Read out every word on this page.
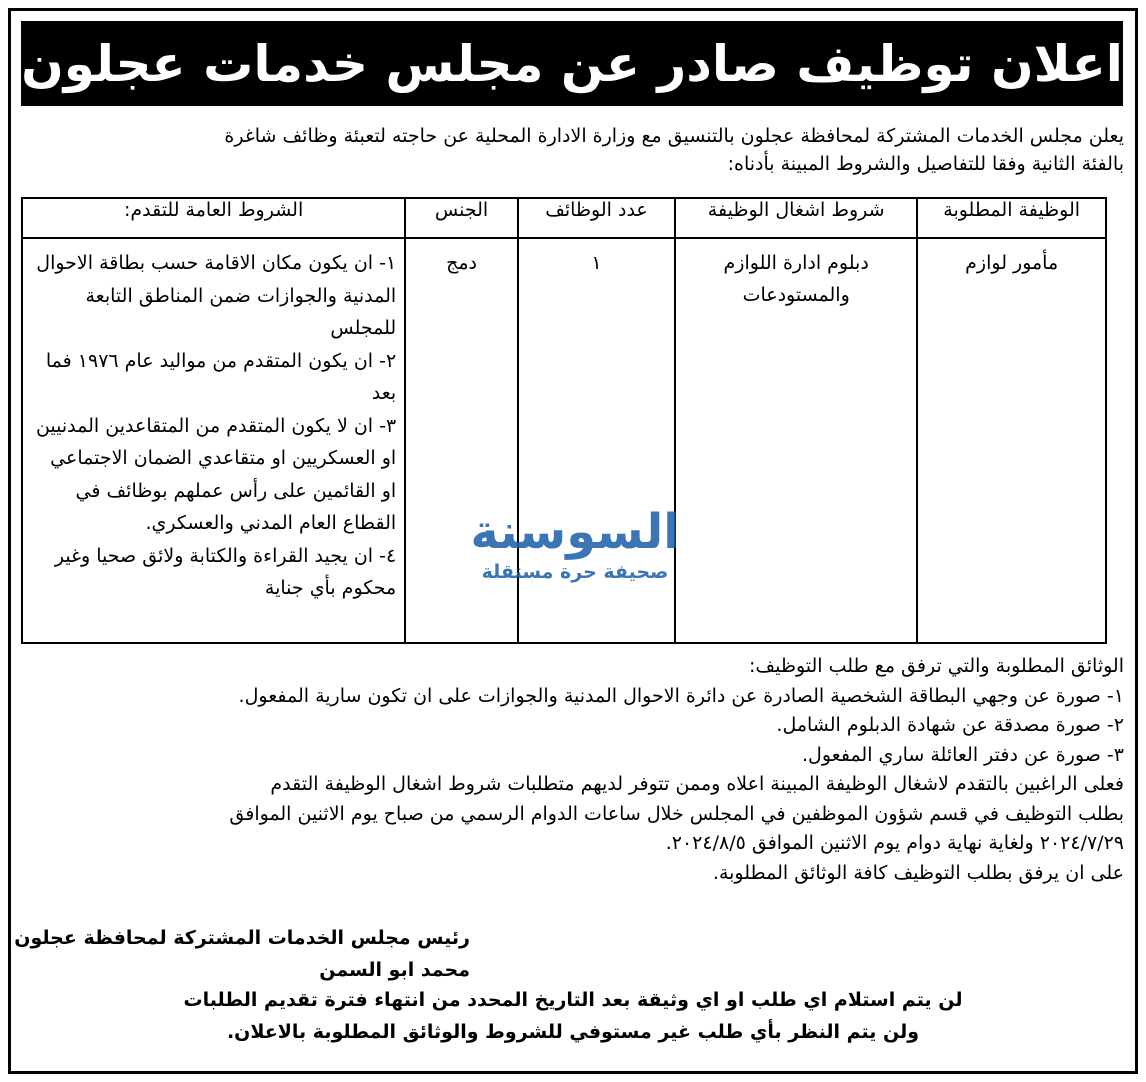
اعلان توظيف صادر عن مجلس خدمات عجلون
يعلن مجلس الخدمات المشتركة لمحافظة عجلون بالتنسيق مع وزارة الادارة المحلية عن حاجته لتعبئة وظائف شاغرة
بالفئة الثانية وفقا للتفاصيل والشروط المبينة بأدناه:
الوظيفة المطلوبة	شروط اشغال الوظيفة	عدد الوظائف	الجنس	الشروط العامة للتقدم:
مأمور لوازم	دبلوم ادارة اللوازم والمستودعات	١	دمج	١- ان يكون مكان الاقامة حسب بطاقة الاحوال المدنية والجوازات ضمن المناطق التابعة للمجلس
٢- ان يكون المتقدم من مواليد عام ١٩٧٦ فما بعد
٣- ان لا يكون المتقدم من المتقاعدين المدنيين او العسكريين او متقاعدي الضمان الاجتماعي او القائمين على رأس عملهم بوظائف في القطاع العام المدني والعسكري.
٤- ان يجيد القراءة والكتابة ولائق صحيا وغير محكوم بأي جناية
السوسنة
صحيفة حرة مستقلة
الوثائق المطلوبة والتي ترفق مع طلب التوظيف:
١- صورة عن وجهي البطاقة الشخصية الصادرة عن دائرة الاحوال المدنية والجوازات على ان تكون سارية المفعول.
٢- صورة مصدقة عن شهادة الدبلوم الشامل.
٣- صورة عن دفتر العائلة ساري المفعول.
فعلى الراغبين بالتقدم لاشغال الوظيفة المبينة اعلاه وممن تتوفر لديهم متطلبات شروط اشغال الوظيفة التقدم
بطلب التوظيف في قسم شؤون الموظفين في المجلس خلال ساعات الدوام الرسمي من صباح يوم الاثنين الموافق
٢٠٢٤/٧/٢٩ ولغاية نهاية دوام يوم الاثنين الموافق ٢٠٢٤/٨/٥.
على ان يرفق بطلب التوظيف كافة الوثائق المطلوبة.
رئيس مجلس الخدمات المشتركة لمحافظة عجلون
محمد ابو السمن
لن يتم استلام اي طلب او اي وثيقة بعد التاريخ المحدد من انتهاء فترة تقديم الطلبات
ولن يتم النظر بأي طلب غير مستوفي للشروط والوثائق المطلوبة بالاعلان.
